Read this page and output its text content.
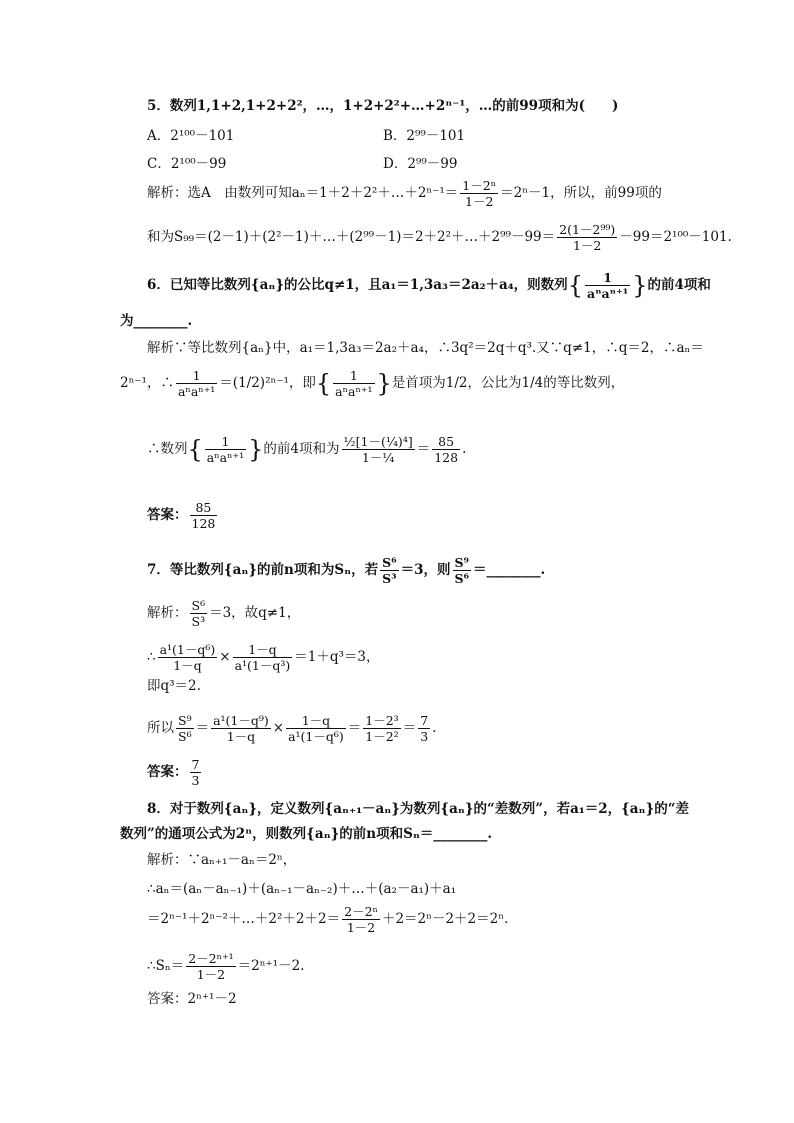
5．数列1,1+2,1+2+2²，…，1+2+2²+…+2ⁿ⁻¹，…的前99项和为(　　)
A．2¹⁰⁰－101	B．2⁹⁹－101
C．2¹⁰⁰－99	D．2⁹⁹－99
解析：选A　由数列可知aₙ＝1＋2＋2²＋…＋2ⁿ⁻¹＝ $\frac{\text{1－2ⁿ}}{1-2} =2^n-1$，所以，前99项的
和为S₉₉＝(2－1)＋(2²－1)＋…＋(2⁹⁹－1)＝2＋2²＋…＋2⁹⁹－99＝ $\frac{\text{2(1－2⁹⁹)}}{1-2} -99=2^{100}-101$.
6．已知等比数列{aₙ}的公比q≠1，且a₁＝1,3a₃＝2a₂＋a₄，则数列{ $\frac{1}{\text{aⁿaⁿ⁺¹}}$ }的前4项和
为________.
解析∵等比数列{aₙ}中，a₁＝1,3a₃＝2a₂＋a₄，∴3q²＝2q＋q³.又∵q≠1，∴q＝2，∴aₙ＝
2ⁿ⁻¹，∴ $\frac{1}{\text{aⁿaⁿ⁺¹}} =(1/2)^{2n-1}$，即{ $\frac{1}{\text{aⁿaⁿ⁺¹}}$ }是首项为1/2，公比为1/4的等比数列，
∴数列{ $\frac{1}{\text{aⁿaⁿ⁺¹}}$ }的前4项和为 $\frac{\text{½[1－(¼)⁴]}}{\text{1－¼}} = \frac{85}{128}$ .
答案： $\frac{85}{128}$
7．等比数列{aₙ}的前n项和为Sₙ，若 $\frac{\text{S⁶}}{\text{S³}} =3$，则 $\frac{\text{S⁹}}{\text{S⁶}}$ ＝________.
解析： $\frac{\text{S⁶}}{\text{S³}} =3$，故q≠1，
∴ $\frac{\text{a¹(1－q⁶)}}{1-q} \times \frac{1-q}{\text{a¹(1－q³)}} =1+q^3=3$，
即q³＝2.
所以 $\frac{\text{S⁹}}{\text{S⁶}} = \frac{\text{a¹(1－q⁹)}}{1-q} \times \frac{1-q}{\text{a¹(1－q⁶)}} = \frac{\text{1－2³}}{\text{1－2²}} = \frac{7}{3}$ .
答案： $\frac{7}{3}$
8．对于数列{aₙ}，定义数列{aₙ₊₁－aₙ}为数列{aₙ}的“差数列”，若a₁＝2，{aₙ}的“差
数列”的通项公式为2ⁿ，则数列{aₙ}的前n项和Sₙ＝________.
解析：∵aₙ₊₁－aₙ＝2ⁿ，
∴aₙ＝(aₙ－aₙ₋₁)＋(aₙ₋₁－aₙ₋₂)＋…＋(a₂－a₁)＋a₁
＝2ⁿ⁻¹＋2ⁿ⁻²＋…＋2²＋2＋2＝ $\frac{\text{2－2ⁿ}}{1-2} +2=2^n-2+2=2^n$.
∴Sₙ＝ $\frac{\text{2－2ⁿ⁺¹}}{1-2} =2^{n+1}-2$.
答案：2ⁿ⁺¹－2
